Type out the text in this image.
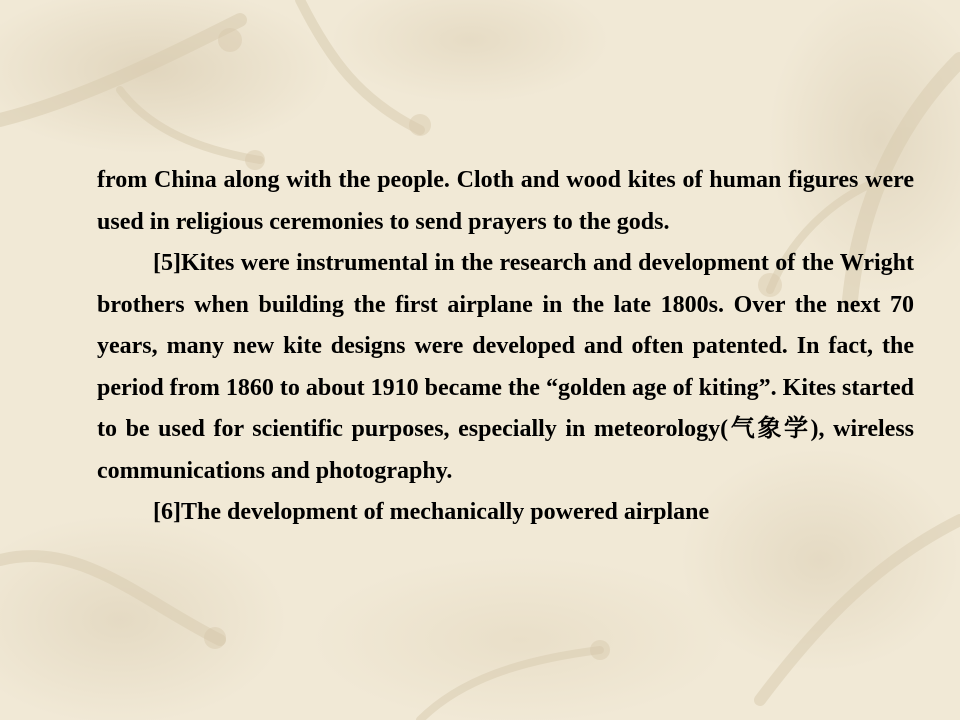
from China along with the people. Cloth and wood kites of human figures were used in religious ceremonies to send prayers to the gods.

[5]Kites were instrumental in the research and development of the Wright brothers when building the first airplane in the late 1800s. Over the next 70 years, many new kite designs were developed and often patented. In fact, the period from 1860 to about 1910 became the “golden age of kiting”. Kites started to be used for scientific purposes, especially in meteorology(气象学), wireless communications and photography.

[6]The development of mechanically powered airplane
